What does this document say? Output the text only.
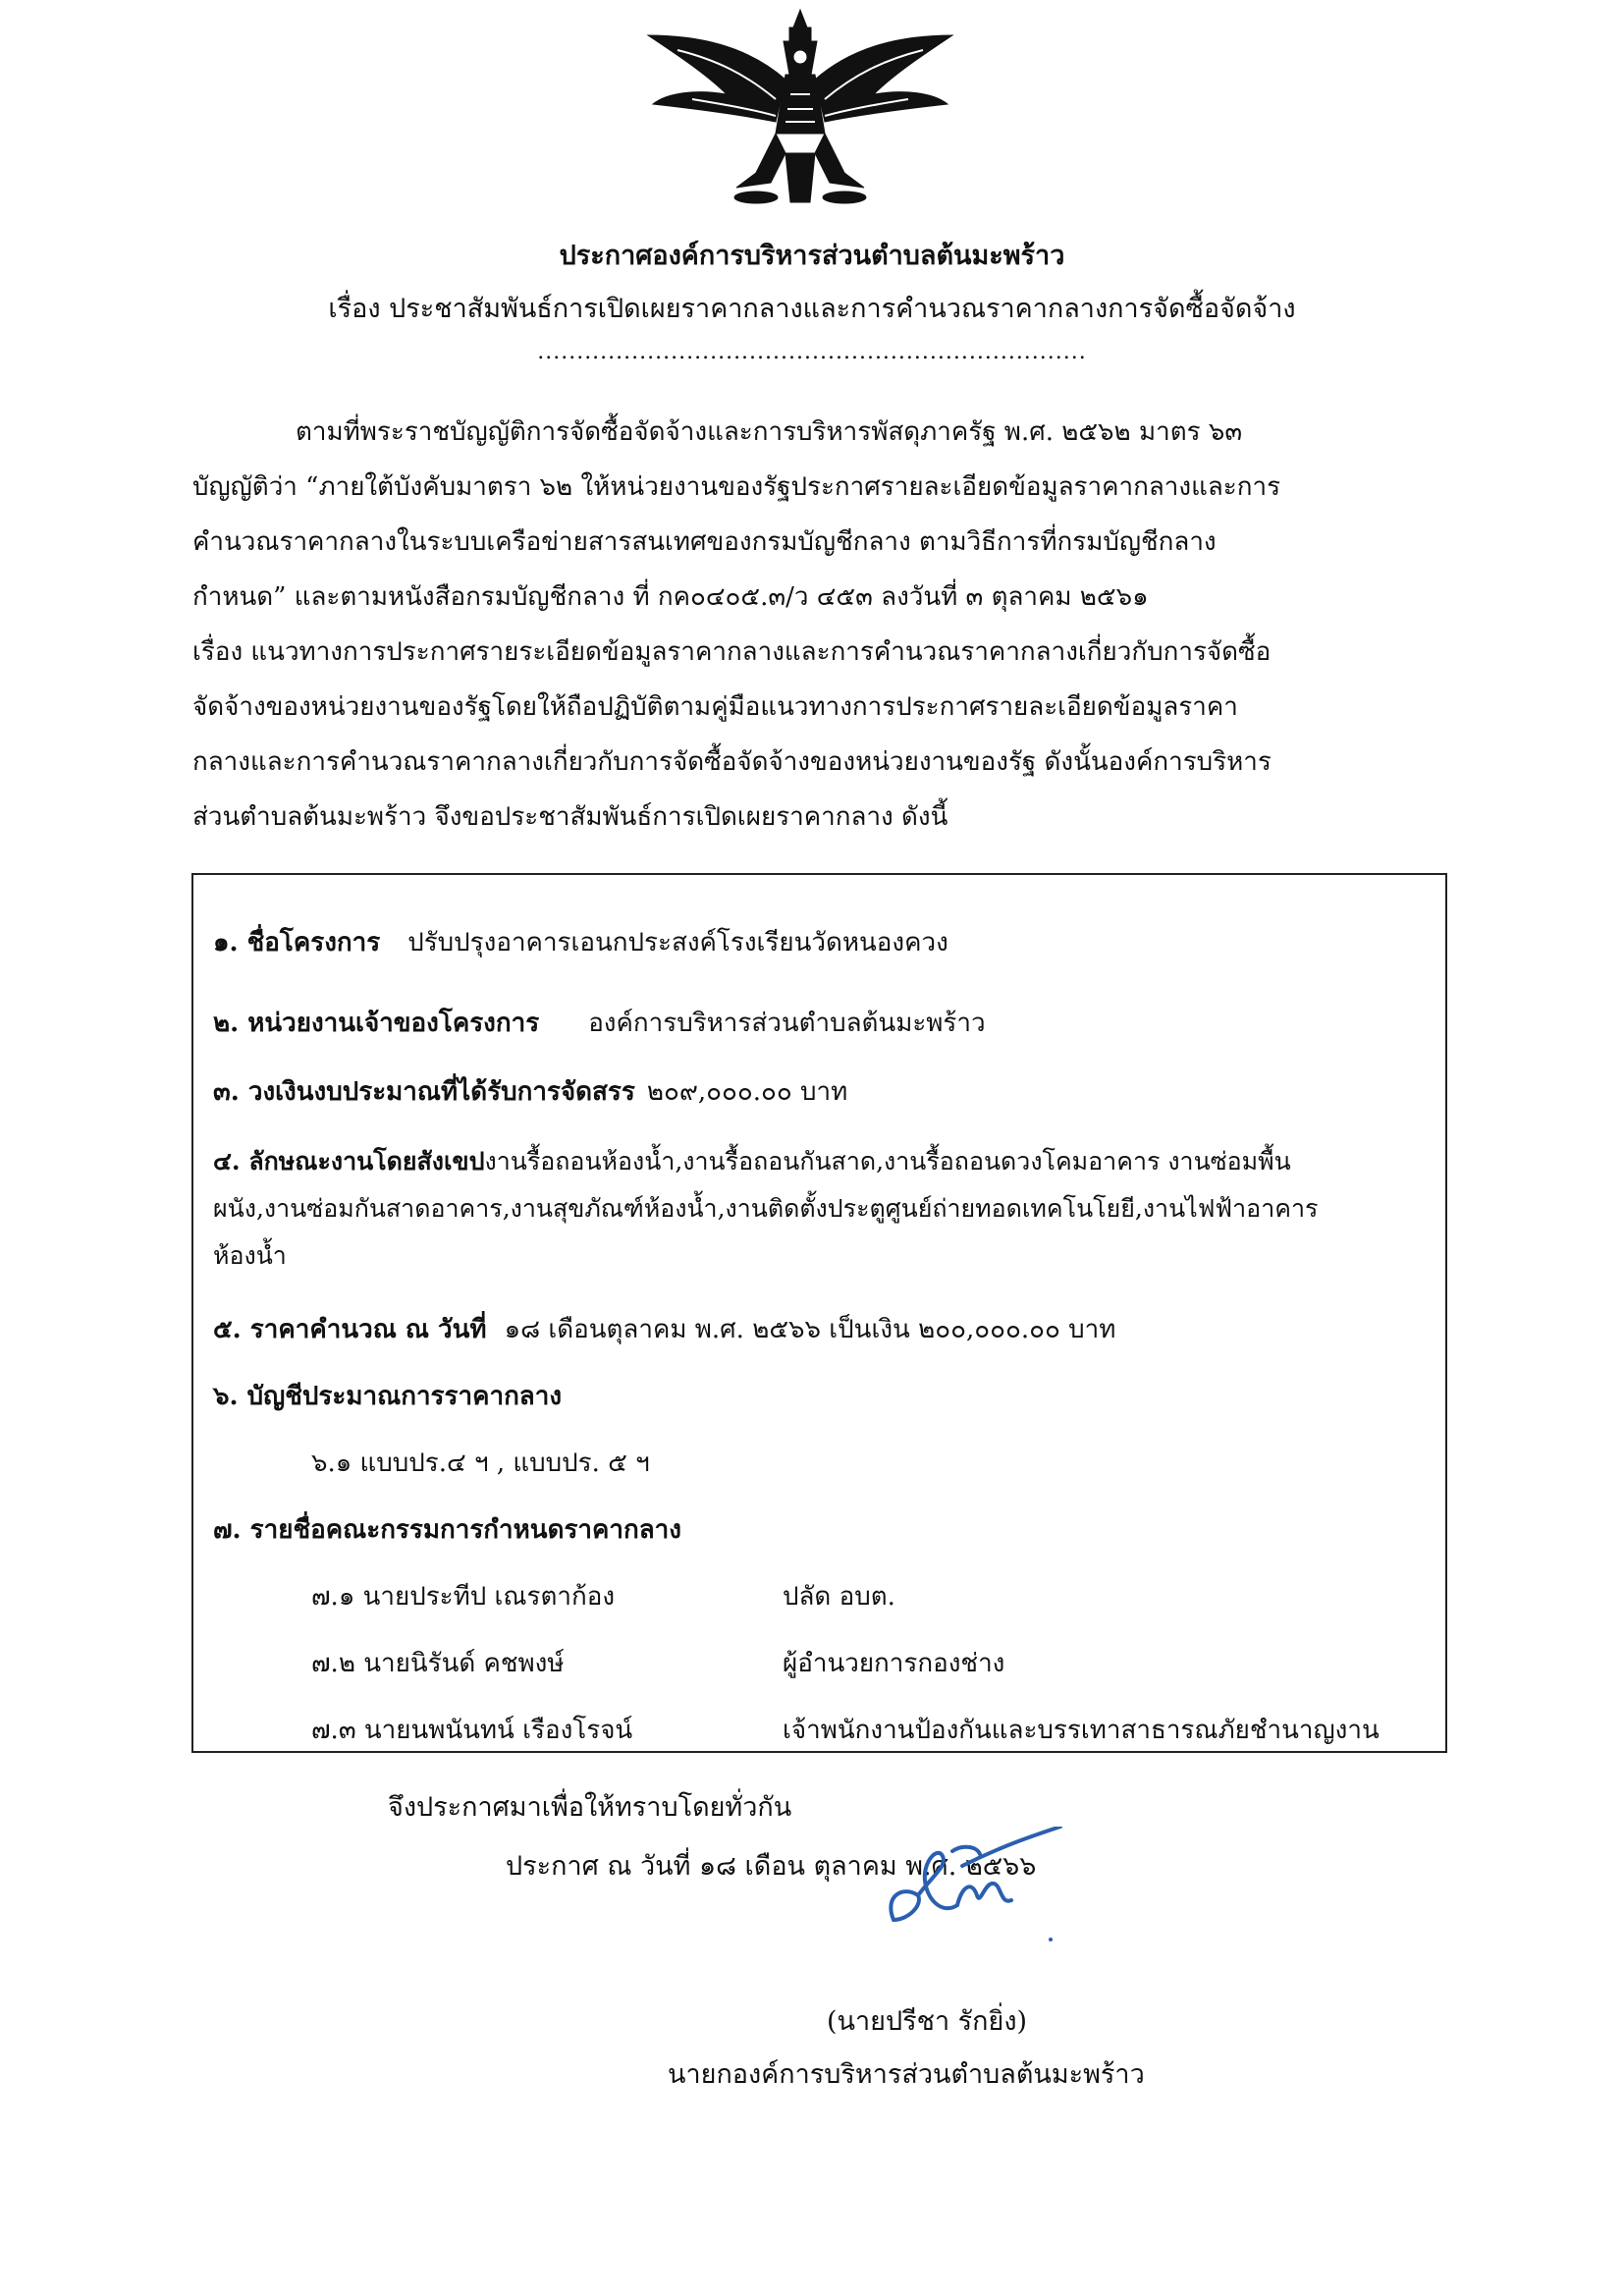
ประกาศองค์การบริหารส่วนตำบลต้นมะพร้าว
เรื่อง ประชาสัมพันธ์การเปิดเผยราคากลางและการคำนวณราคากลางการจัดซื้อจัดจ้าง
......................................................................
ตามที่พระราชบัญญัติการจัดซื้อจัดจ้างและการบริหารพัสดุภาครัฐ พ.ศ. ๒๕๖๒ มาตร ๖๓
บัญญัติว่า “ภายใต้บังคับมาตรา ๖๒ ให้หน่วยงานของรัฐประกาศรายละเอียดข้อมูลราคากลางและการ
คำนวณราคากลางในระบบเครือข่ายสารสนเทศของกรมบัญชีกลาง ตามวิธีการที่กรมบัญชีกลาง
กำหนด” และตามหนังสือกรมบัญชีกลาง ที่ กค๐๔๐๕.๓/ว ๔๕๓ ลงวันที่ ๓ ตุลาคม ๒๕๖๑
เรื่อง แนวทางการประกาศรายระเอียดข้อมูลราคากลางและการคำนวณราคากลางเกี่ยวกับการจัดซื้อ
จัดจ้างของหน่วยงานของรัฐโดยให้ถือปฏิบัติตามคู่มือแนวทางการประกาศรายละเอียดข้อมูลราคา
กลางและการคำนวณราคากลางเกี่ยวกับการจัดซื้อจัดจ้างของหน่วยงานของรัฐ ดังนั้นองค์การบริหาร
ส่วนตำบลต้นมะพร้าว จึงขอประชาสัมพันธ์การเปิดเผยราคากลาง ดังนี้
๑. ชื่อโครงการ ปรับปรุงอาคารเอนกประสงค์โรงเรียนวัดหนองควง
๒. หน่วยงานเจ้าของโครงการ องค์การบริหารส่วนตำบลต้นมะพร้าว
๓. วงเงินงบประมาณที่ได้รับการจัดสรร ๒๐๙,๐๐๐.๐๐ บาท
๔. ลักษณะงานโดยสังเขปงานรื้อถอนห้องน้ำ,งานรื้อถอนกันสาด,งานรื้อถอนดวงโคมอาคาร งานซ่อมพื้น
ผนัง,งานซ่อมกันสาดอาคาร,งานสุขภัณฑ์ห้องน้ำ,งานติดตั้งประตูศูนย์ถ่ายทอดเทคโนโยยี,งานไฟฟ้าอาคาร
ห้องน้ำ
๕. ราคาคำนวณ ณ วันที่ ๑๘ เดือนตุลาคม พ.ศ. ๒๕๖๖ เป็นเงิน ๒๐๐,๐๐๐.๐๐ บาท
๖. บัญชีประมาณการราคากลาง
๖.๑ แบบปร.๔ ฯ , แบบปร. ๕ ฯ
๗. รายชื่อคณะกรรมการกำหนดราคากลาง
๗.๑ นายประทีป เณรตาก้อง	ปลัด อบต.
๗.๒ นายนิรันด์ คชพงษ์	ผู้อำนวยการกองช่าง
๗.๓ นายนพนันทน์ เรืองโรจน์	เจ้าพนักงานป้องกันและบรรเทาสาธารณภัยชำนาญงาน
จึงประกาศมาเพื่อให้ทราบโดยทั่วกัน
ประกาศ ณ วันที่ ๑๘ เดือน ตุลาคม พ.ศ. ๒๕๖๖
(นายปรีชา รักยิ่ง)
นายกองค์การบริหารส่วนตำบลต้นมะพร้าว
